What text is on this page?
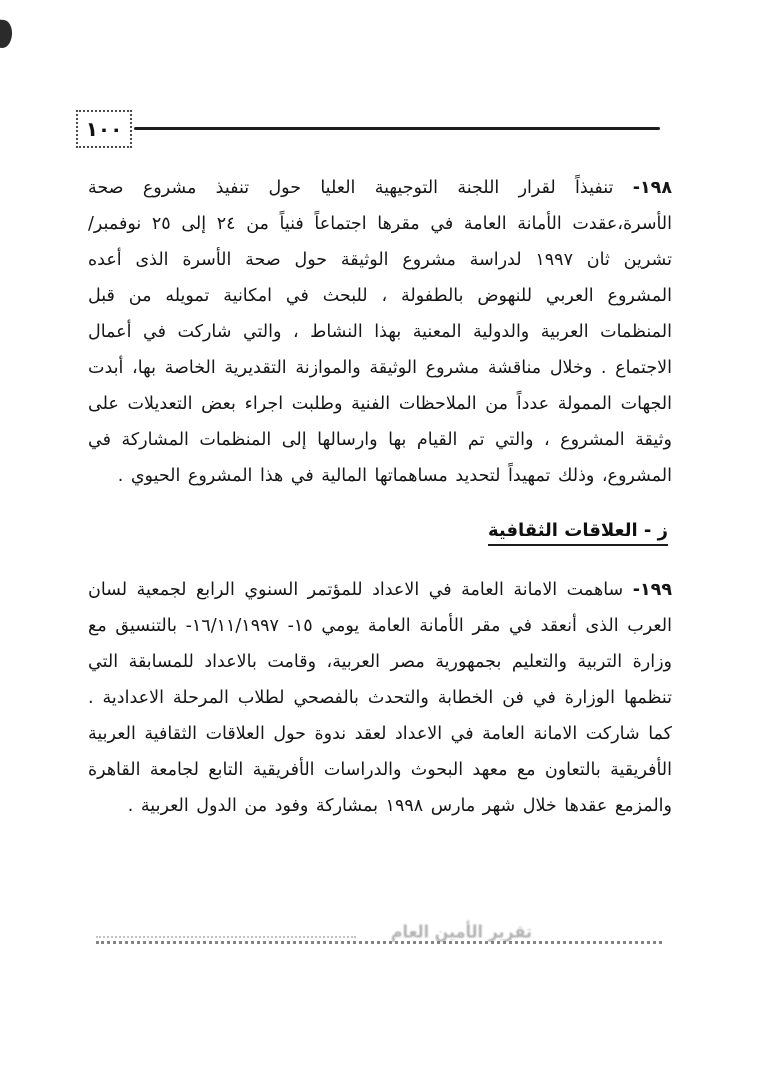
١٠٠

١٩٨- تنفيذاً لقرار اللجنة التوجيهية العليا حول تنفيذ مشروع صحة الأسرة،عقدت الأمانة العامة في مقرها اجتماعاً فنياً من ٢٤ إلى ٢٥ نوفمبر/ تشرين ثان ١٩٩٧ لدراسة مشروع الوثيقة حول صحة الأسرة الذى أعده المشروع العربي للنهوض بالطفولة ، للبحث في امكانية تمويله من قبل المنظمات العربية والدولية المعنية بهذا النشاط ، والتي شاركت في أعمال الاجتماع . وخلال مناقشة مشروع الوثيقة والموازنة التقديرية الخاصة بها، أبدت الجهات الممولة عدداً من الملاحظات الفنية وطلبت اجراء بعض التعديلات على وثيقة المشروع ، والتي تم القيام بها وارسالها إلى المنظمات المشاركة في المشروع، وذلك تمهيداً لتحديد مساهماتها المالية في هذا المشروع الحيوي .

ز - العلاقات الثقافية

١٩٩- ساهمت الامانة العامة في الاعداد للمؤتمر السنوي الرابع لجمعية لسان العرب الذى أنعقد في مقر الأمانة العامة يومي ١٥- ١٦/١١/١٩٩٧- بالتنسيق مع وزارة التربية والتعليم بجمهورية مصر العربية، وقامت بالاعداد للمسابقة التي تنظمها الوزارة في فن الخطابة والتحدث بالفصحي لطلاب المرحلة الاعدادية . كما شاركت الامانة العامة في الاعداد لعقد ندوة حول العلاقات الثقافية العربية الأفريقية بالتعاون مع معهد البحوث والدراسات الأفريقية التابع لجامعة القاهرة والمزمع عقدها خلال شهر مارس ١٩٩٨ بمشاركة وفود من الدول العربية .

تقرير الأمين العام
